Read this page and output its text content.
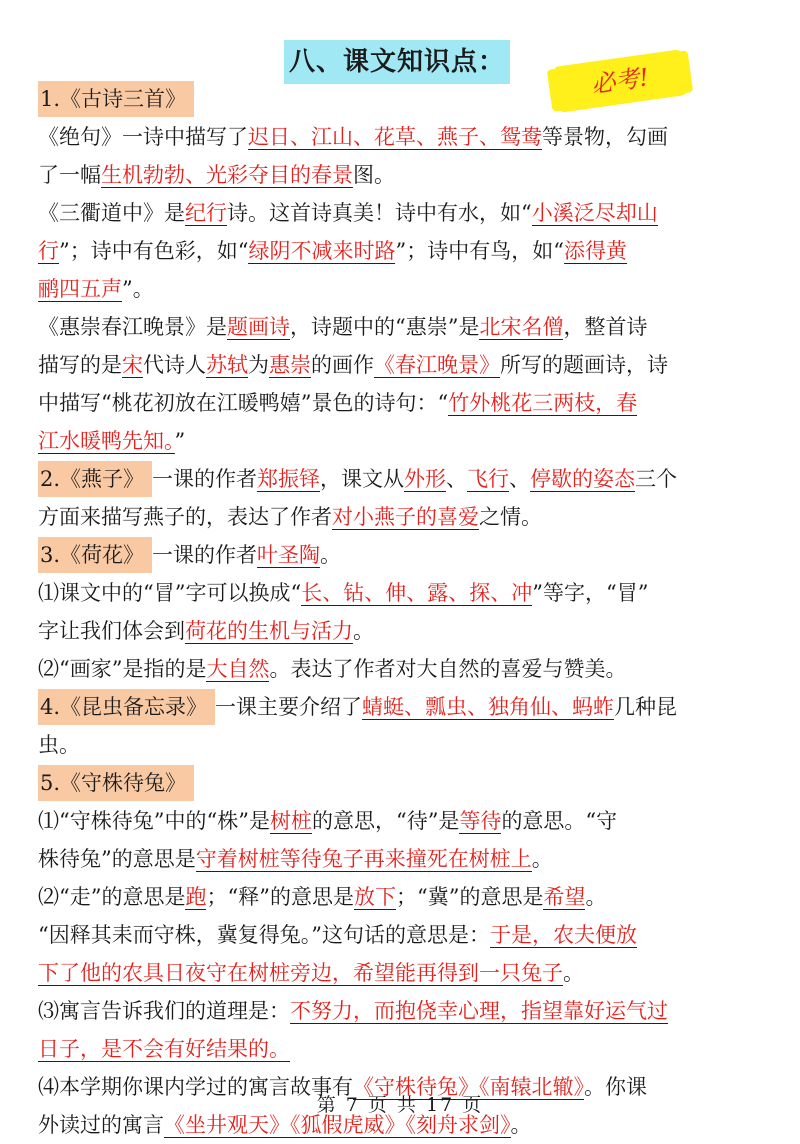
八、课文知识点：
必考!
1.《古诗三首》
《绝句》一诗中描写了迟日、江山、花草、燕子、鸳鸯等景物，勾画
了一幅生机勃勃、光彩夺目的春景图。
《三衢道中》是纪行诗。这首诗真美！诗中有水，如“小溪泛尽却山
行”；诗中有色彩，如“绿阴不减来时路”；诗中有鸟，如“添得黄
鹂四五声”。
《惠崇春江晚景》是题画诗，诗题中的“惠崇”是北宋名僧，整首诗
描写的是宋代诗人苏轼为惠崇的画作《春江晚景》所写的题画诗，诗
中描写“桃花初放在江暖鸭嬉”景色的诗句：“竹外桃花三两枝，春
江水暖鸭先知。”
2.《燕子》 一课的作者郑振铎，课文从外形、飞行、停歇的姿态三个
方面来描写燕子的，表达了作者对小燕子的喜爱之情。
3.《荷花》 一课的作者叶圣陶。
⑴课文中的“冒”字可以换成“长、钻、伸、露、探、冲”等字，“冒”
字让我们体会到荷花的生机与活力。
⑵“画家”是指的是大自然。表达了作者对大自然的喜爱与赞美。
4.《昆虫备忘录》 一课主要介绍了蜻蜓、瓢虫、独角仙、蚂蚱几种昆
虫。
5.《守株待兔》
⑴“守株待兔”中的“株”是树桩的意思，“待”是等待的意思。“守
株待兔”的意思是守着树桩等待兔子再来撞死在树桩上。
⑵“走”的意思是跑；“释”的意思是放下；“冀”的意思是希望。
“因释其耒而守株，冀复得兔。”这句话的意思是：于是，农夫便放
下了他的农具日夜守在树桩旁边，希望能再得到一只兔子。
⑶寓言告诉我们的道理是：不努力，而抱侥幸心理，指望靠好运气过
日子，是不会有好结果的。
⑷本学期你课内学过的寓言故事有《守株待兔》《南辕北辙》。你课
外读过的寓言《坐井观天》《狐假虎威》《刻舟求剑》。
第 7 页 共 17 页
